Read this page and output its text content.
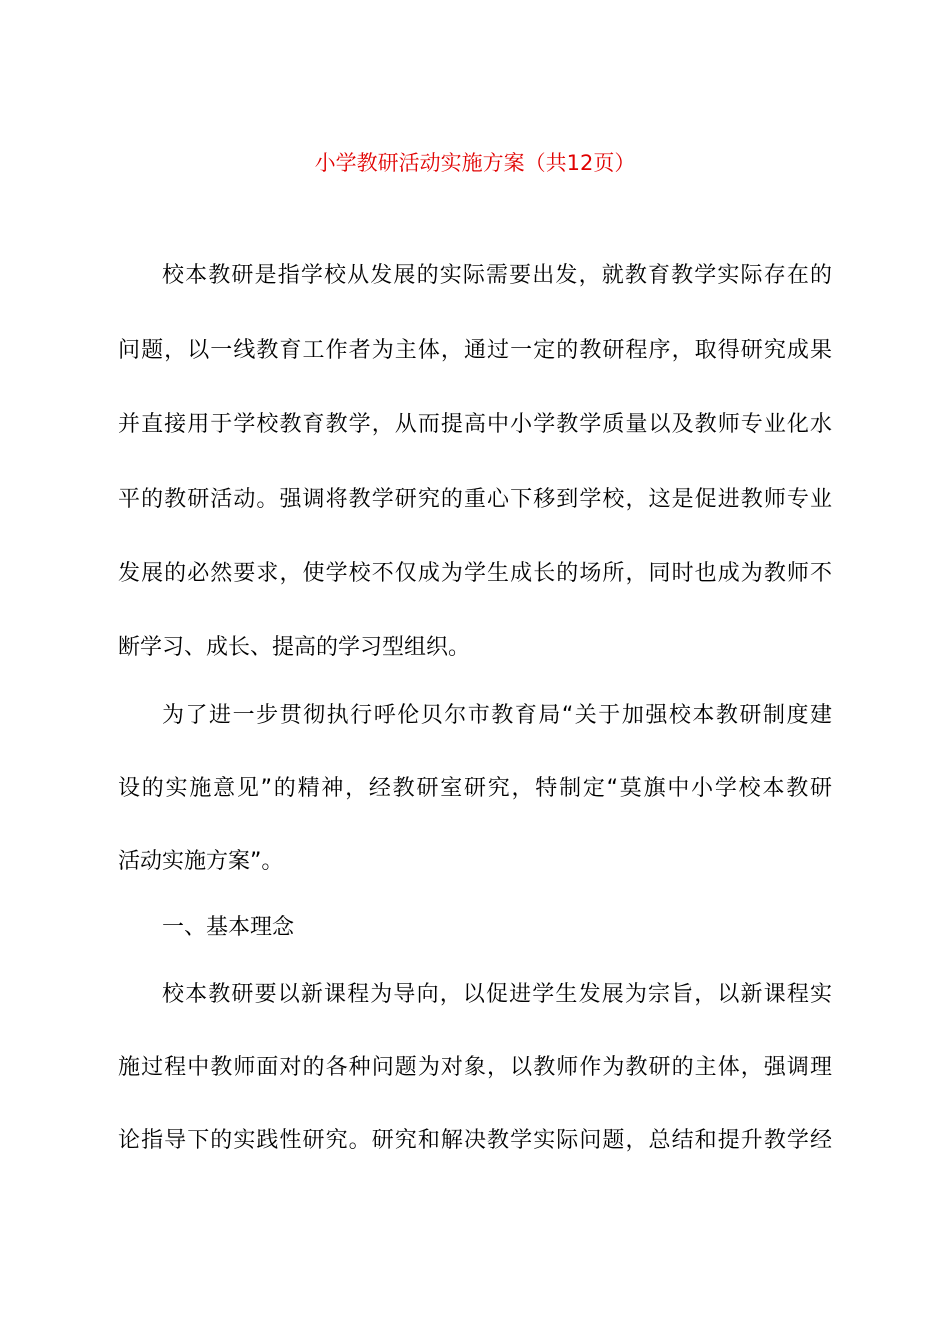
小学教研活动实施方案（共12页）

校本教研是指学校从发展的实际需要出发，就教育教学实际存在的

问题，以一线教育工作者为主体，通过一定的教研程序，取得研究成果

并直接用于学校教育教学，从而提高中小学教学质量以及教师专业化水

平的教研活动。强调将教学研究的重心下移到学校，这是促进教师专业

发展的必然要求，使学校不仅成为学生成长的场所，同时也成为教师不

断学习、成长、提高的学习型组织。

为了进一步贯彻执行呼伦贝尔市教育局“关于加强校本教研制度建

设的实施意见”的精神，经教研室研究，特制定“莫旗中小学校本教研

活动实施方案”。

一、基本理念

校本教研要以新课程为导向，以促进学生发展为宗旨，以新课程实

施过程中教师面对的各种问题为对象，以教师作为教研的主体，强调理

论指导下的实践性研究。研究和解决教学实际问题，总结和提升教学经
